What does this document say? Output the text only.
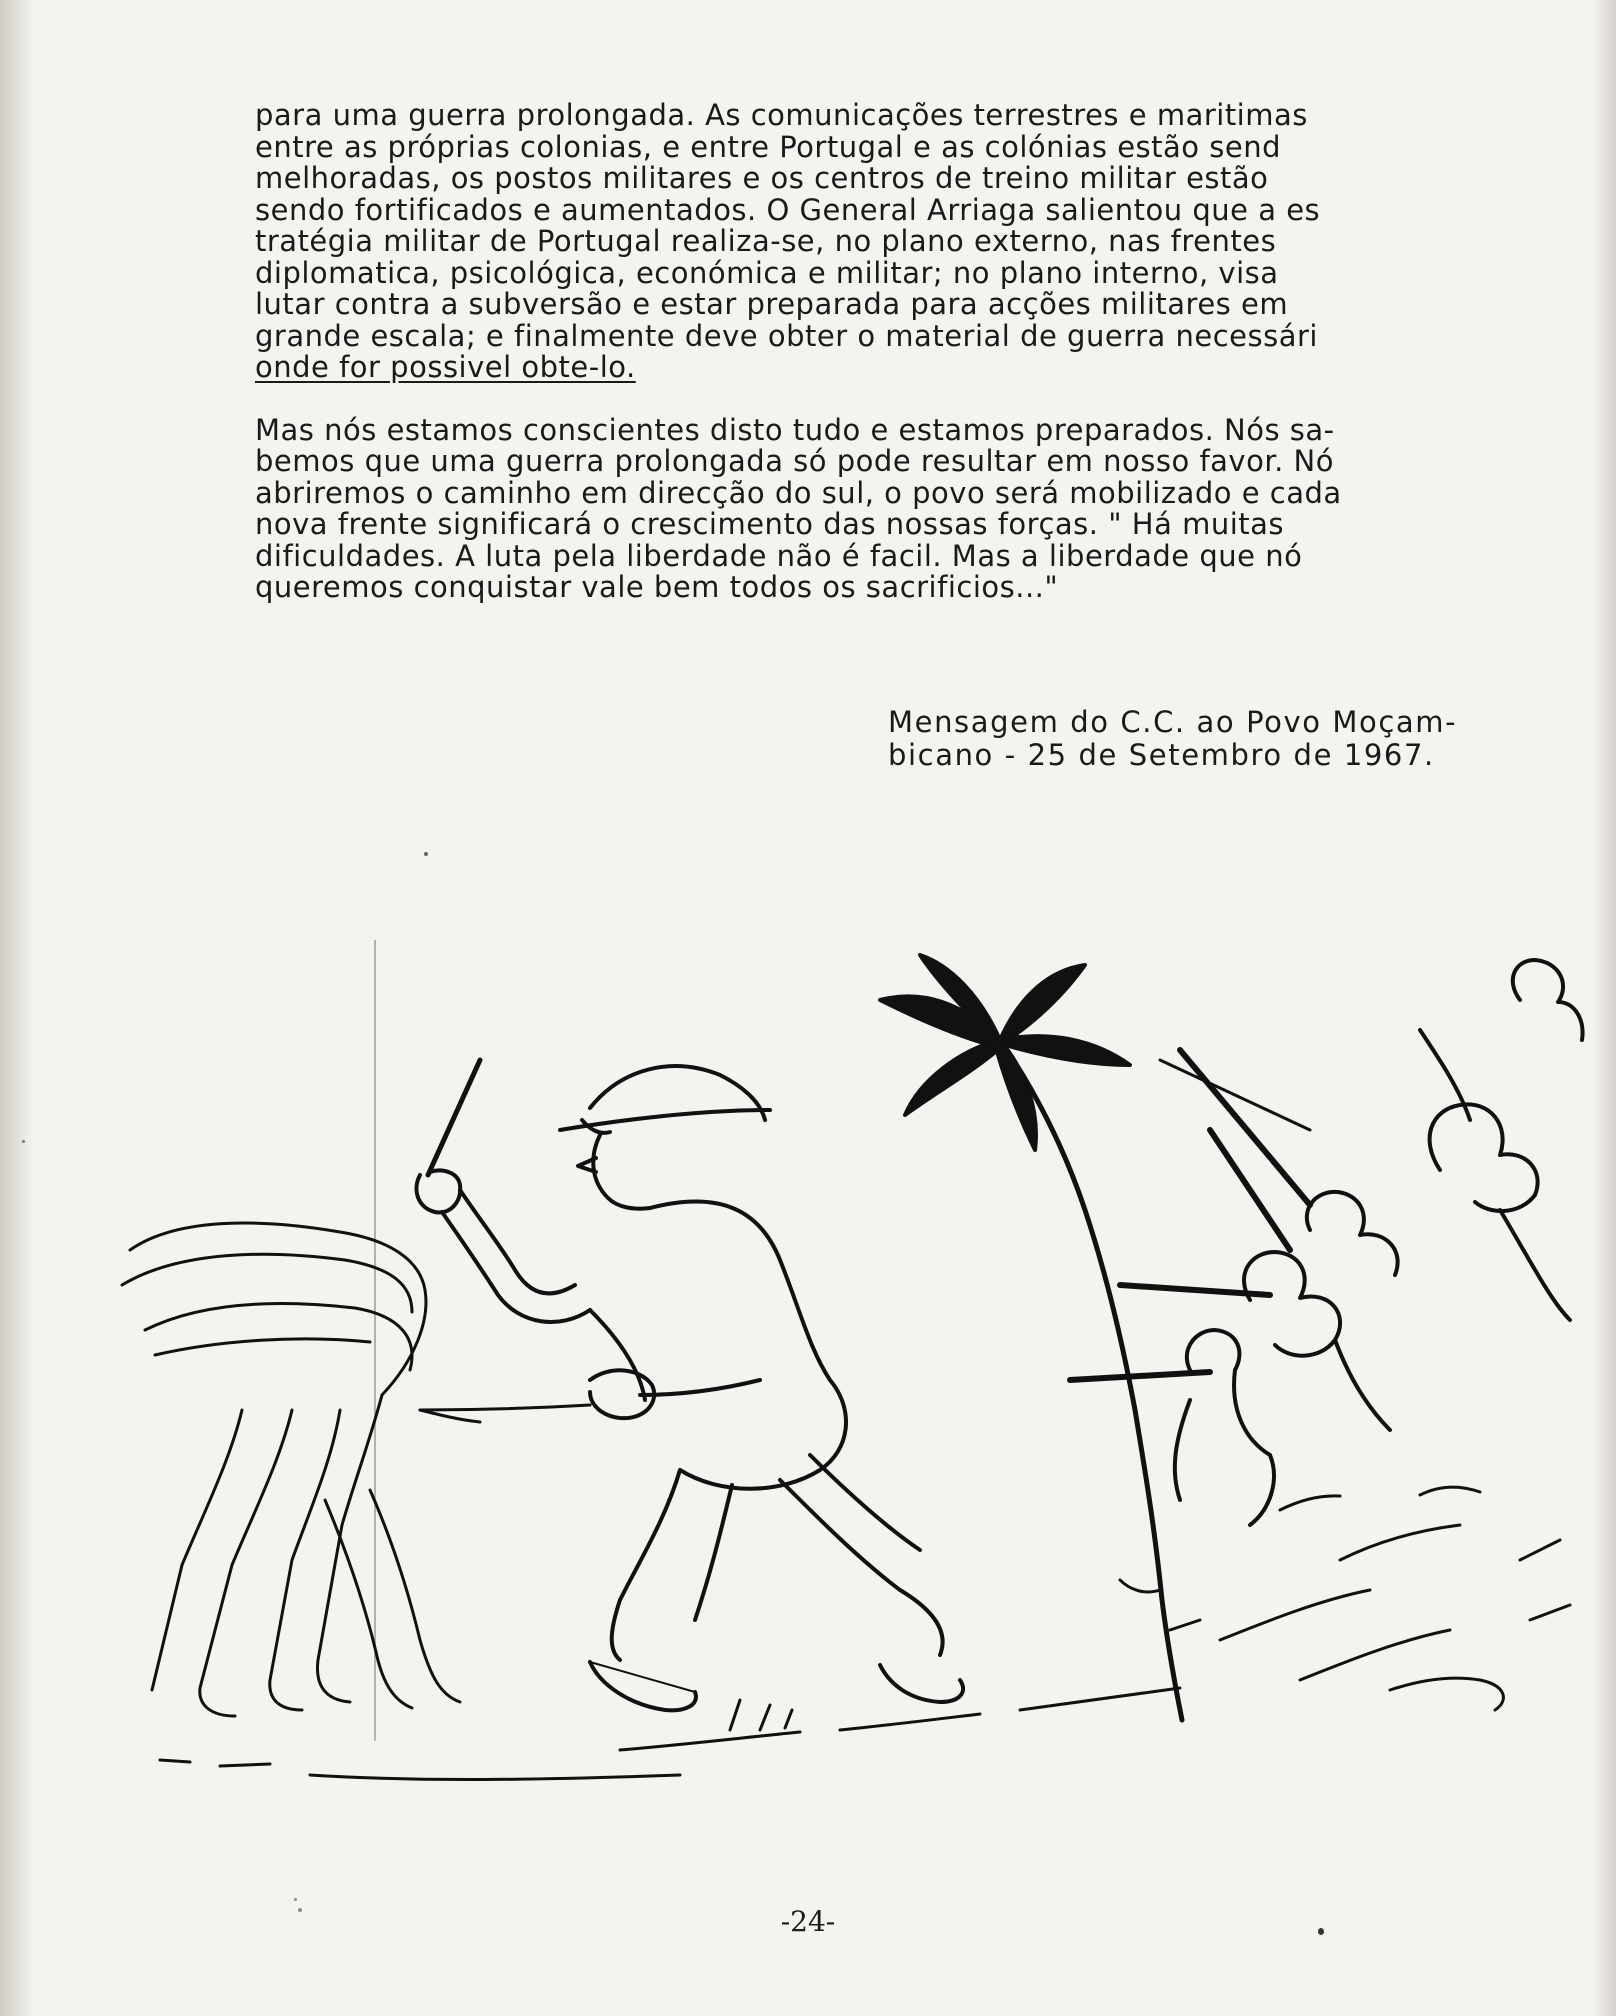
para uma guerra prolongada. As comunicações terrestres e maritimas

entre as próprias colonias, e entre Portugal e as colónias estão send

melhoradas, os postos militares e os centros de treino militar estão

sendo fortificados e aumentados. O General Arriaga salientou que a es

tratégia militar de Portugal realiza-se, no plano externo, nas frentes

diplomatica, psicológica, económica e militar; no plano interno, visa

lutar contra a subversão e estar preparada para acções militares em

grande escala; e finalmente deve obter o material de guerra necessári

onde for possivel obte-lo.

Mas nós estamos conscientes disto tudo e estamos preparados. Nós sa-

bemos que uma guerra prolongada só pode resultar em nosso favor. Nó

abriremos o caminho em direcção do sul, o povo será mobilizado e cada

nova frente significará o crescimento das nossas forças. " Há muitas

dificuldades. A luta pela liberdade não é facil. Mas a liberdade que nó

queremos conquistar vale bem todos os sacrificios..."

Mensagem do C.C. ao Povo Moçam-

bicano - 25 de Setembro de 1967.

-24-
